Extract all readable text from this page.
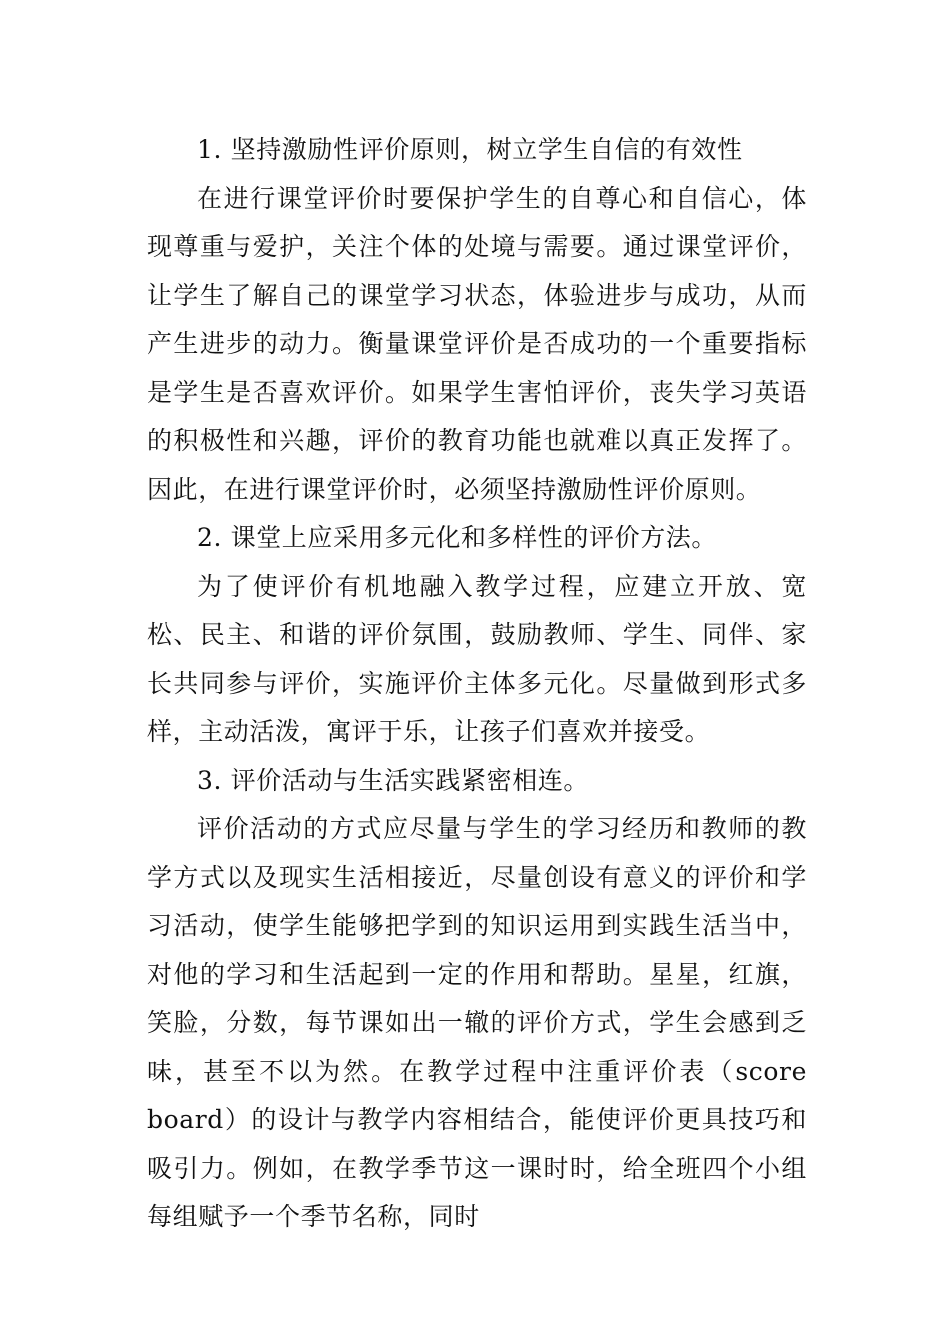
1. 坚持激励性评价原则，树立学生自信的有效性

在进行课堂评价时要保护学生的自尊心和自信心，体现尊重与爱护，关注个体的处境与需要。通过课堂评价，让学生了解自己的课堂学习状态，体验进步与成功，从而产生进步的动力。衡量课堂评价是否成功的一个重要指标是学生是否喜欢评价。如果学生害怕评价，丧失学习英语的积极性和兴趣，评价的教育功能也就难以真正发挥了。因此，在进行课堂评价时，必须坚持激励性评价原则。

2. 课堂上应采用多元化和多样性的评价方法。

为了使评价有机地融入教学过程，应建立开放、宽松、民主、和谐的评价氛围，鼓励教师、学生、同伴、家长共同参与评价，实施评价主体多元化。尽量做到形式多样，主动活泼，寓评于乐，让孩子们喜欢并接受。

3. 评价活动与生活实践紧密相连。

评价活动的方式应尽量与学生的学习经历和教师的教学方式以及现实生活相接近，尽量创设有意义的评价和学习活动，使学生能够把学到的知识运用到实践生活当中，对他的学习和生活起到一定的作用和帮助。星星，红旗，笑脸，分数，每节课如出一辙的评价方式，学生会感到乏味，甚至不以为然。在教学过程中注重评价表（score board）的设计与教学内容相结合，能使评价更具技巧和吸引力。例如，在教学季节这一课时时，给全班四个小组每组赋予一个季节名称，同时
